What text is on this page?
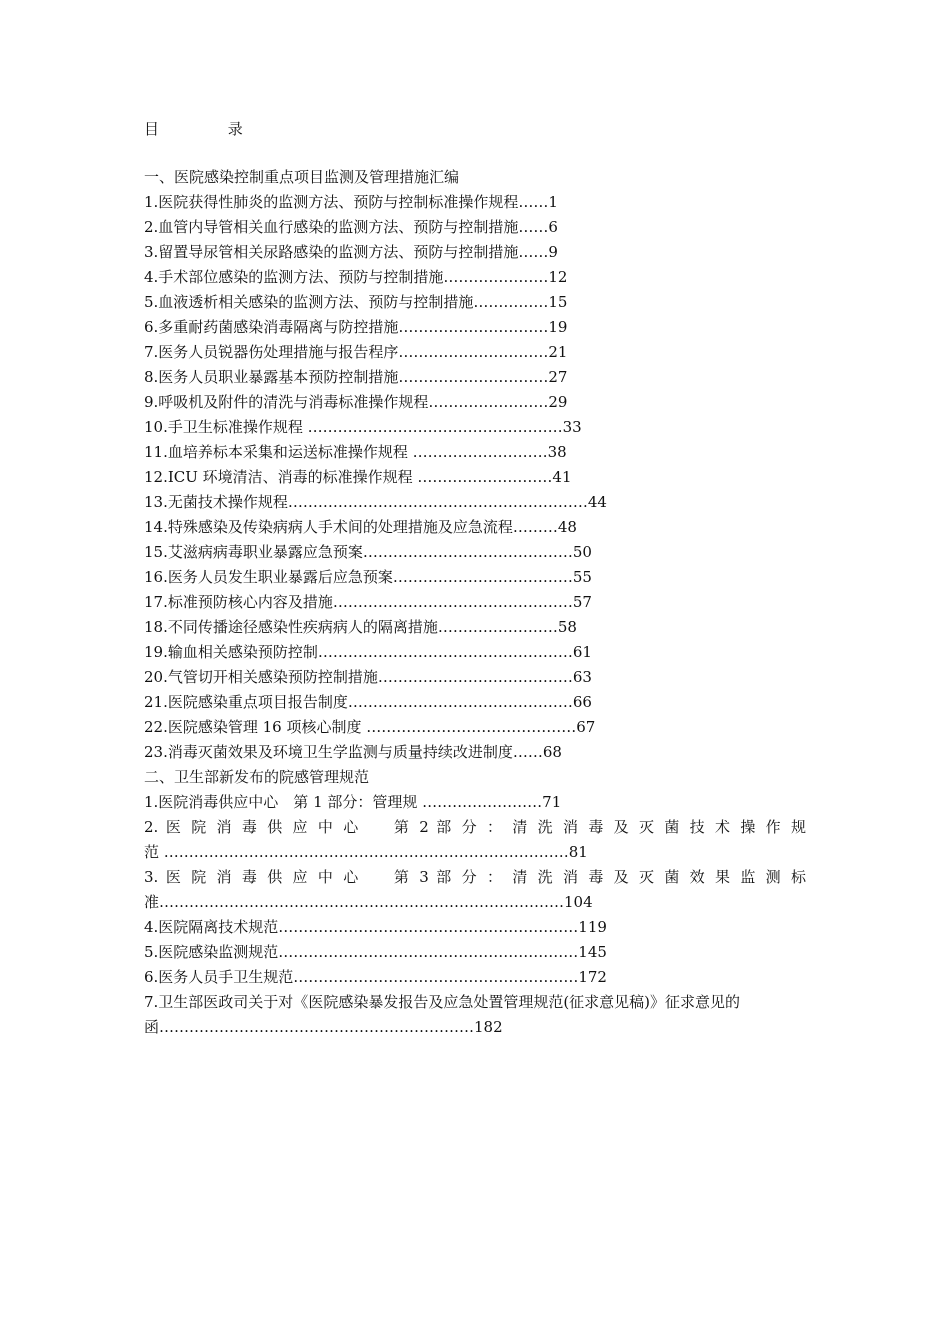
目 录
一、医院感染控制重点项目监测及管理措施汇编
1.医院获得性肺炎的监测方法、预防与控制标准操作规程……1
2.血管内导管相关血行感染的监测方法、预防与控制措施……6
3.留置导尿管相关尿路感染的监测方法、预防与控制措施……9
4.手术部位感染的监测方法、预防与控制措施…………………12
5.血液透析相关感染的监测方法、预防与控制措施……………15
6.多重耐药菌感染消毒隔离与防控措施…………………………19
7.医务人员锐器伤处理措施与报告程序…………………………21
8.医务人员职业暴露基本预防控制措施…………………………27
9.呼吸机及附件的清洗与消毒标准操作规程……………………29
10.手卫生标准操作规程 ……………………………………………33
11.血培养标本采集和运送标准操作规程 ………………………38
12.ICU 环境清洁、消毒的标准操作规程 ………………………41
13.无菌技术操作规程……………………………………………………44
14.特殊感染及传染病病人手术间的处理措施及应急流程………48
15.艾滋病病毒职业暴露应急预案……………………………………50
16.医务人员发生职业暴露后应急预案………………………………55
17.标准预防核心内容及措施…………………………………………57
18.不同传播途径感染性疾病病人的隔离措施……………………58
19.输血相关感染预防控制……………………………………………61
20.气管切开相关感染预防控制措施…………………………………63
21.医院感染重点项目报告制度………………………………………66
22.医院感染管理 16 项核心制度 ……………………………………67
23.消毒灭菌效果及环境卫生学监测与质量持续改进制度……68
二、卫生部新发布的院感管理规范
1.医院消毒供应中心　第 1 部分：管理规 ……………………71
2. 医 院 消 毒 供 应 中 心 　 第 2 部 分 ： 清 洗 消 毒 及 灭 菌 技 术 操 作 规
范 ………………………………………………………………………81
3. 医 院 消 毒 供 应 中 心 　 第 3 部 分 ： 清 洗 消 毒 及 灭 菌 效 果 监 测 标
准………………………………………………………………………104
4.医院隔离技术规范……………………………………………………119
5.医院感染监测规范……………………………………………………145
6.医务人员手卫生规范…………………………………………………172
7.卫生部医政司关于对《医院感染暴发报告及应急处置管理规范(征求意见稿)》征求意见的
函………………………………………………………182
